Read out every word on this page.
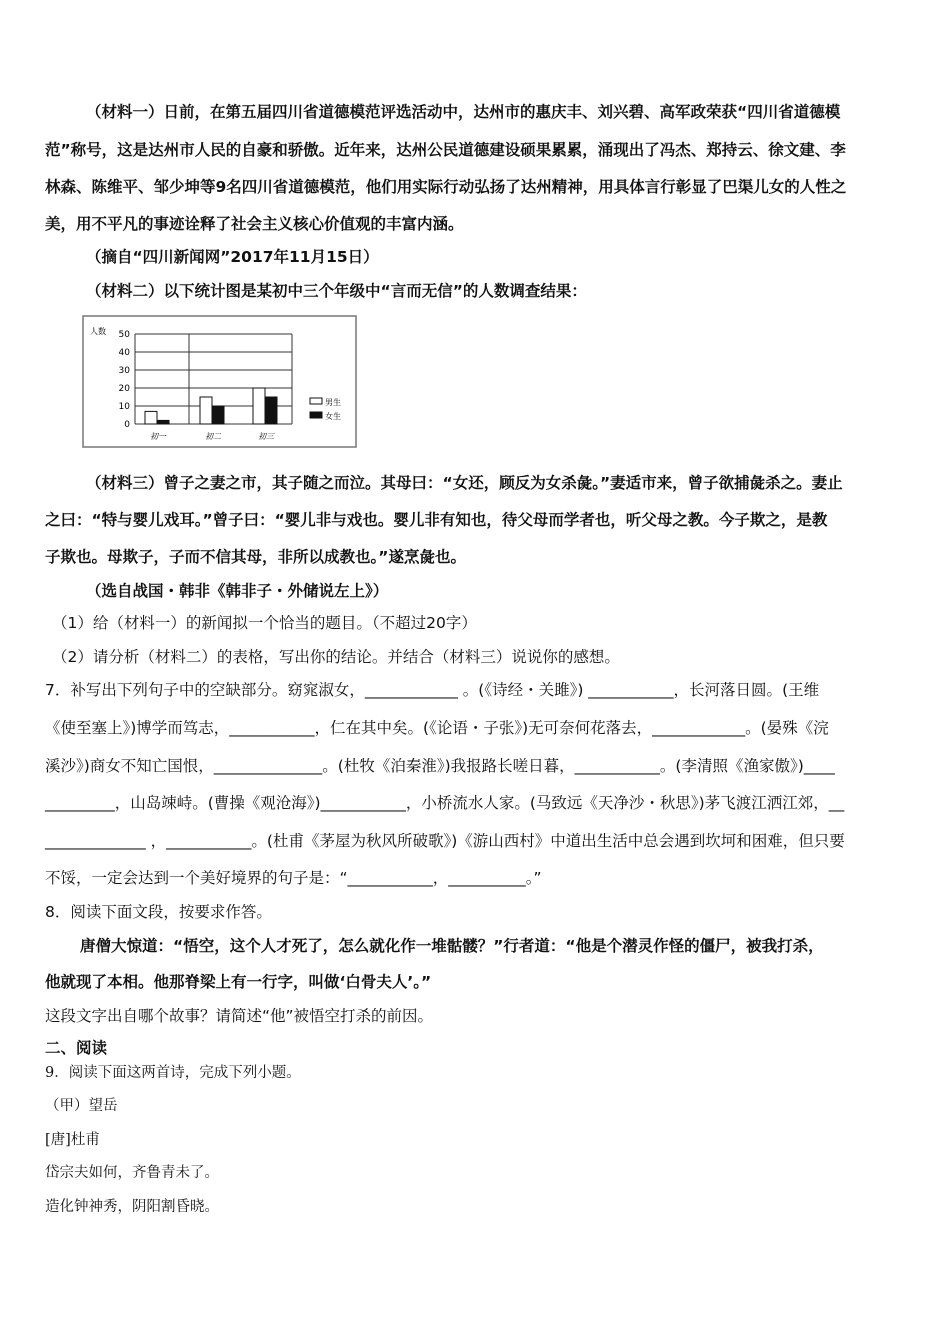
（材料一）日前，在第五届四川省道德模范评选活动中，达州市的惠庆丰、刘兴碧、高军政荣获“四川省道德模
范”称号，这是达州市人民的自豪和骄傲。近年来，达州公民道德建设硕果累累，涌现出了冯杰、郑持云、徐文建、李
林森、陈维平、邹少坤等9名四川省道德模范，他们用实际行动弘扬了达州精神，用具体言行彰显了巴渠儿女的人性之
美，用不平凡的事迹诠释了社会主义核心价值观的丰富内涵。
（摘自“四川新闻网”2017年11月15日）
（材料二）以下统计图是某初中三个年级中“言而无信”的人数调查结果：
0
10
20
30
40
50
人数
初一	初二	初三
男生
女生
（材料三）曾子之妻之市，其子随之而泣。其母曰：“女还，顾反为女杀彘。”妻适市来，曾子欲捕彘杀之。妻止
之曰：“特与婴儿戏耳。”曾子曰：“婴儿非与戏也。婴儿非有知也，待父母而学者也，听父母之教。今子欺之，是教
子欺也。母欺子，子而不信其母，非所以成教也。”遂烹彘也。
（选自战国・韩非《韩非子・外储说左上》）
（1）给（材料一）的新闻拟一个恰当的题目。（不超过20字）
（2）请分析（材料二）的表格，写出你的结论。并结合（材料三）说说你的感想。
7．补写出下列句子中的空缺部分。窈窕淑女，____________ 。(《诗经・关雎》) ___________，长河落日圆。(王维
《使至塞上》)博学而笃志，___________，仁在其中矣。(《论语・子张》)无可奈何花落去，____________。(晏殊《浣
溪沙》)商女不知亡国恨，______________。(杜牧《泊秦淮》)我报路长嗟日暮，___________。(李清照《渔家傲》)____
_________，山岛竦峙。(曹操《观沧海》)___________，小桥流水人家。(马致远《天净沙・秋思》)茅飞渡江洒江郊，__
_____________ ，___________。(杜甫《茅屋为秋风所破歌》)《游山西村》中道出生活中总会遇到坎坷和困难，但只要
不馁，一定会达到一个美好境界的句子是：“___________，__________。”
8．阅读下面文段，按要求作答。
唐僧大惊道：“悟空，这个人才死了，怎么就化作一堆骷髅？”行者道：“他是个潜灵作怪的僵尸，被我打杀，
他就现了本相。他那脊梁上有一行字，叫做‘白骨夫人’。”
这段文字出自哪个故事？请简述“他”被悟空打杀的前因。
二、阅读
9．阅读下面这两首诗，完成下列小题。
（甲）望岳
[唐]杜甫
岱宗夫如何，齐鲁青未了。
造化钟神秀，阴阳割昏晓。
